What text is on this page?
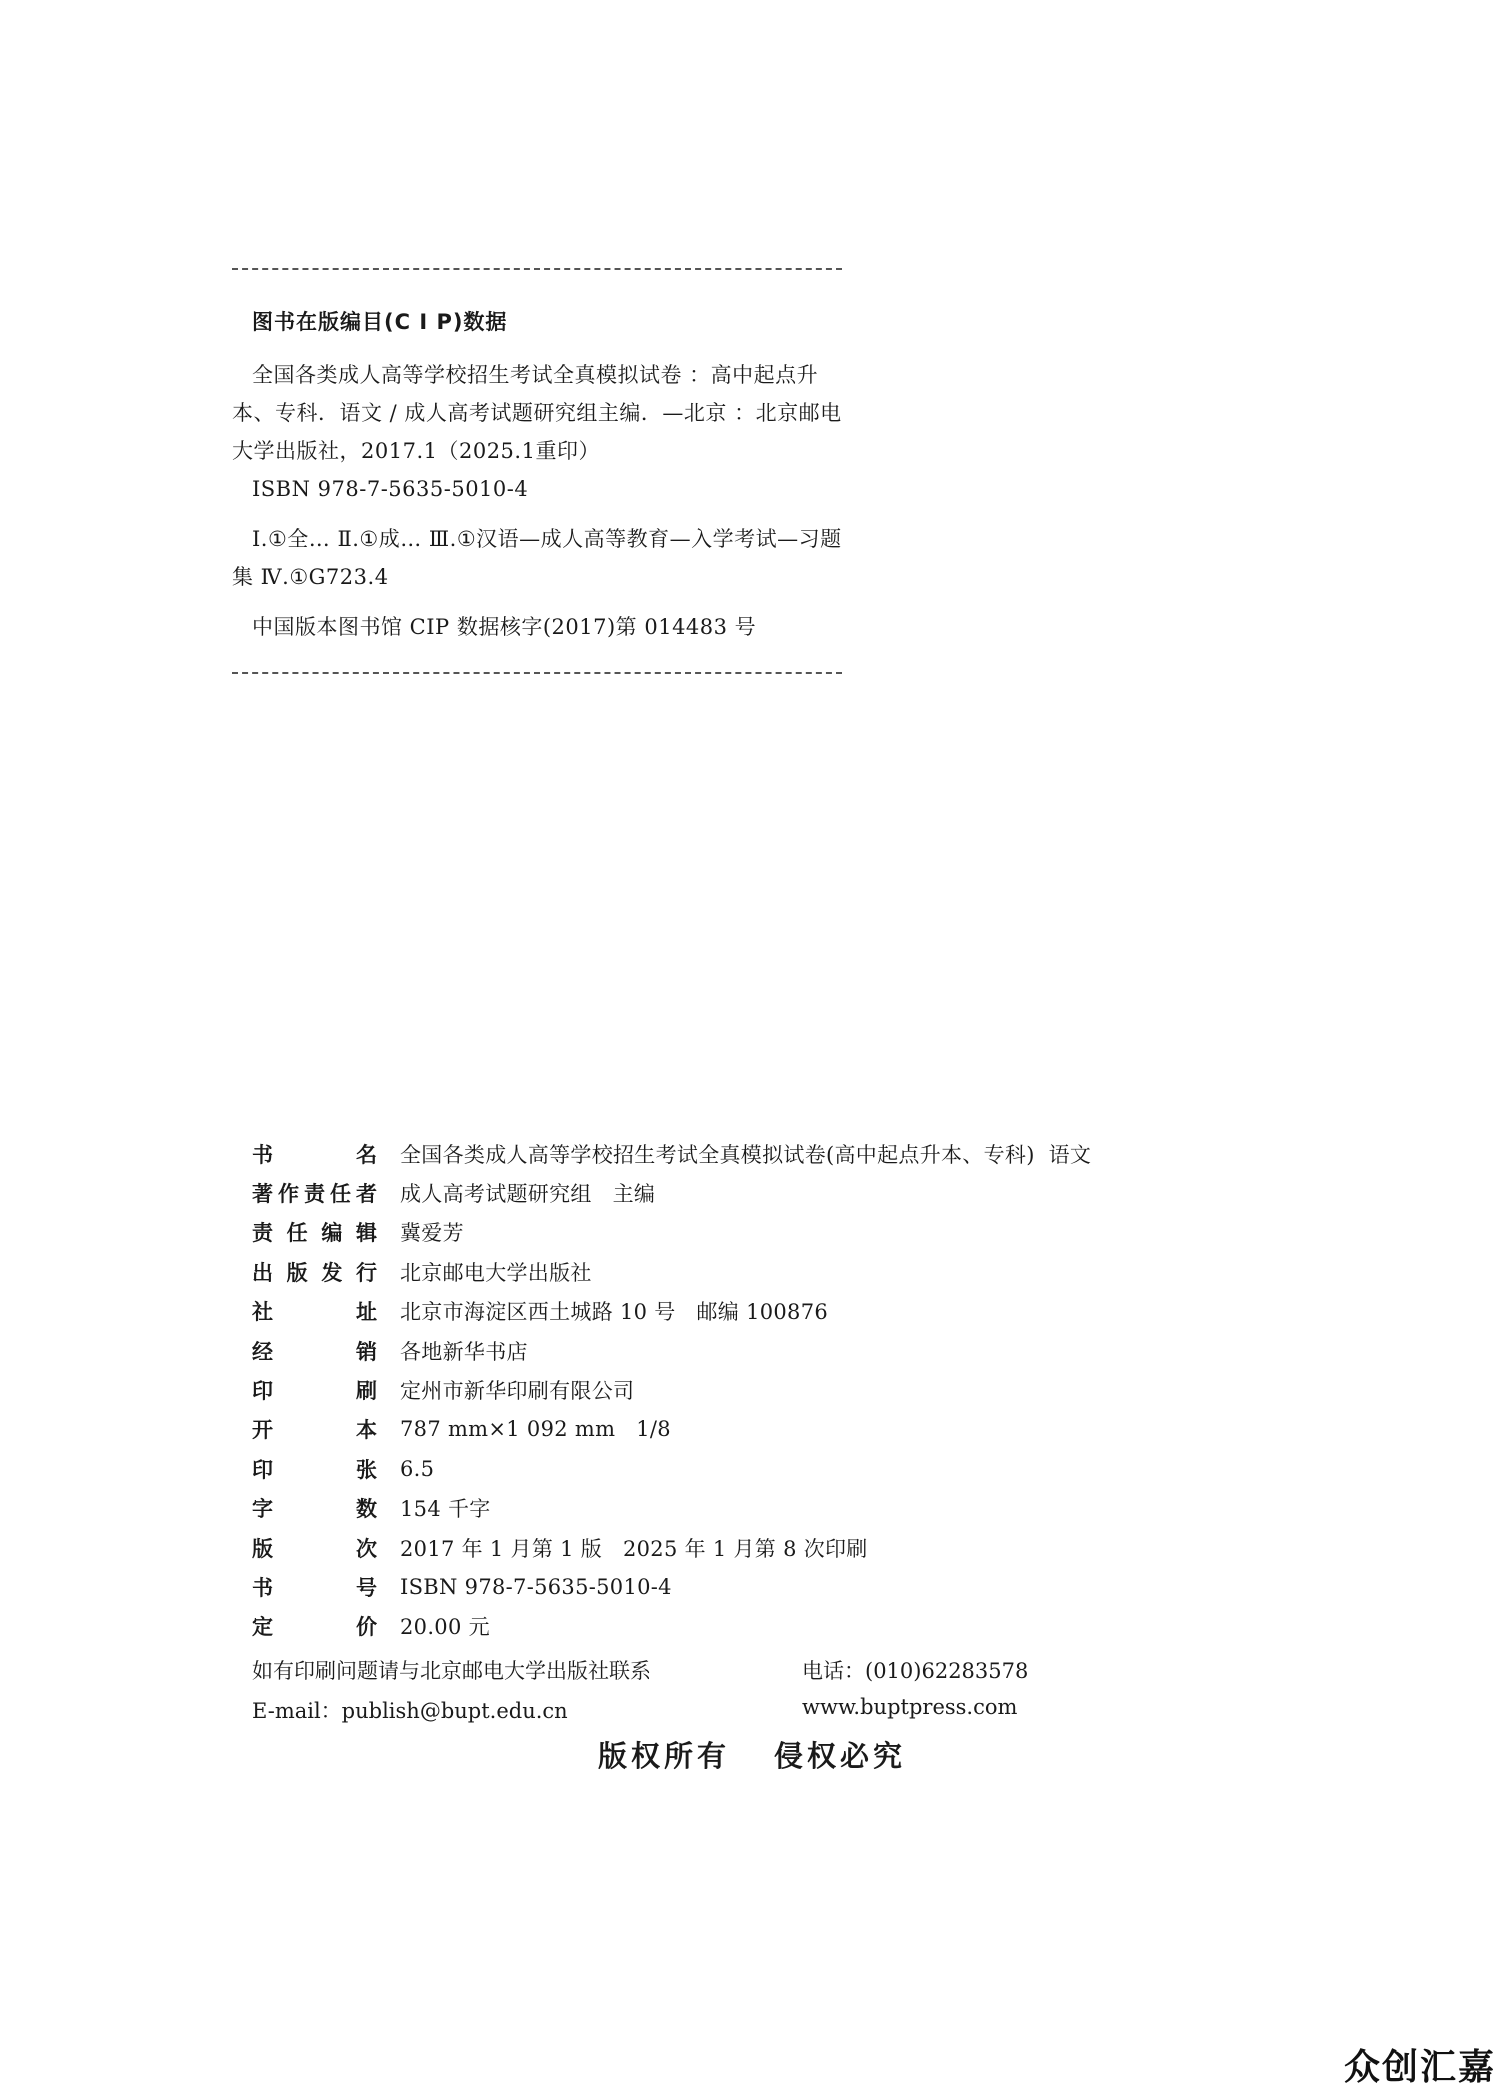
图书在版编目(C I P)数据

全国各类成人高等学校招生考试全真模拟试卷 ：高中起点升本、专科．语文 / 成人高考试题研究组主编．—北京 ：北京邮电大学出版社，2017.1（2025.1重印）

ISBN 978-7-5635-5010-4

Ⅰ.①全… Ⅱ.①成… Ⅲ.①汉语—成人高等教育—入学考试—习题集 Ⅳ.①G723.4

中国版本图书馆 CIP 数据核字(2017)第 014483 号

书名 全国各类成人高等学校招生考试全真模拟试卷(高中起点升本、专科)  语文
著作责任者 成人高考试题研究组   主编
责任编辑 冀爱芳
出版发行 北京邮电大学出版社
社址 北京市海淀区西土城路 10 号   邮编 100876
经销 各地新华书店
印刷 定州市新华印刷有限公司
开本 787 mm×1 092 mm   1/8
印张 6.5
字数 154 千字
版次 2017 年 1 月第 1 版   2025 年 1 月第 8 次印刷
书号 ISBN 978-7-5635-5010-4
定价 20.00 元
如有印刷问题请与北京邮电大学出版社联系	电话：(010)62283578
E-mail：publish@bupt.edu.cn	www.buptpress.com
版权所有 侵权必究
众创汇嘉
